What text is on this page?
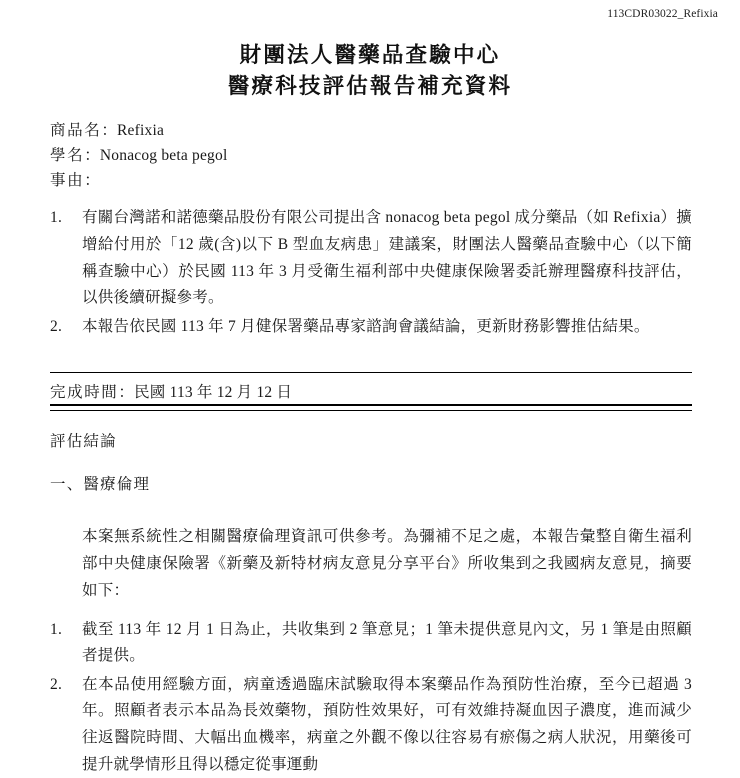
113CDR03022_Refixia
財團法人醫藥品查驗中心
醫療科技評估報告補充資料
商品名：Refixia
學名：Nonacog beta pegol
事由：
1.	有關台灣諾和諾德藥品股份有限公司提出含 nonacog beta pegol 成分藥品（如 Refixia）擴增給付用於「12 歲(含)以下 B 型血友病患」建議案，財團法人醫藥品查驗中心（以下簡稱查驗中心）於民國 113 年 3 月受衛生福利部中央健康保險署委託辦理醫療科技評估，以供後續研擬參考。
2.	本報告依民國 113 年 7 月健保署藥品專家諮詢會議結論，更新財務影響推估結果。
完成時間：民國 113 年 12 月 12 日
評估結論
一、醫療倫理
本案無系統性之相關醫療倫理資訊可供參考。為彌補不足之處，本報告彙整自衛生福利部中央健康保險署《新藥及新特材病友意見分享平台》所收集到之我國病友意見，摘要如下：
1.	截至 113 年 12 月 1 日為止，共收集到 2 筆意見；1 筆未提供意見內文，另 1 筆是由照顧者提供。
2.	在本品使用經驗方面，病童透過臨床試驗取得本案藥品作為預防性治療，至今已超過 3 年。照顧者表示本品為長效藥物，預防性效果好，可有效維持凝血因子濃度，進而減少往返醫院時間、大幅出血機率，病童之外觀不像以往容易有瘀傷之病人狀況，用藥後可提升就學情形且得以穩定從事運動
